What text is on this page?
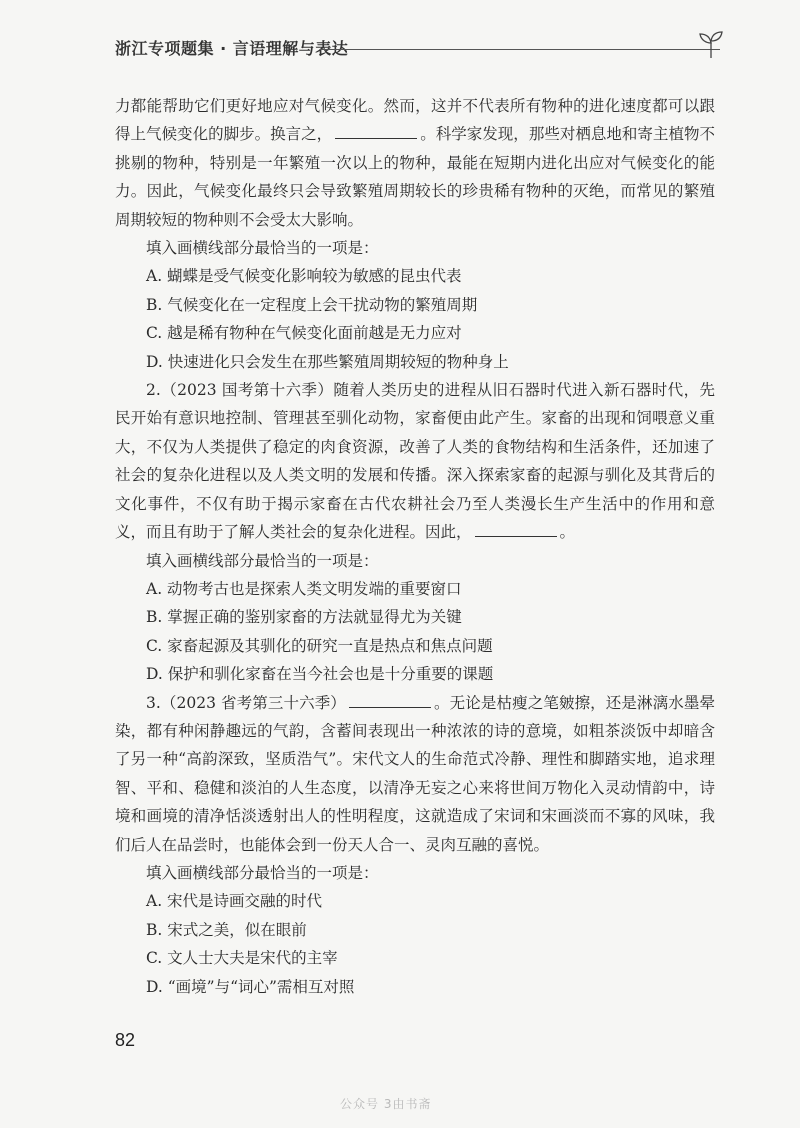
浙江专项题集 · 言语理解与表达

力都能帮助它们更好地应对气候变化。然而，这并不代表所有物种的进化速度都可以跟得上气候变化的脚步。换言之，	。科学家发现，那些对栖息地和寄主植物不挑剔的物种，特别是一年繁殖一次以上的物种，最能在短期内进化出应对气候变化的能力。因此，气候变化最终只会导致繁殖周期较长的珍贵稀有物种的灭绝，而常见的繁殖周期较短的物种则不会受太大影响。

填入画横线部分最恰当的一项是：

A. 蝴蝶是受气候变化影响较为敏感的昆虫代表

B. 气候变化在一定程度上会干扰动物的繁殖周期

C. 越是稀有物种在气候变化面前越是无力应对

D. 快速进化只会发生在那些繁殖周期较短的物种身上

2.（2023 国考第十六季）随着人类历史的进程从旧石器时代进入新石器时代，先民开始有意识地控制、管理甚至驯化动物，家畜便由此产生。家畜的出现和饲喂意义重大，不仅为人类提供了稳定的肉食资源，改善了人类的食物结构和生活条件，还加速了社会的复杂化进程以及人类文明的发展和传播。深入探索家畜的起源与驯化及其背后的文化事件，不仅有助于揭示家畜在古代农耕社会乃至人类漫长生产生活中的作用和意义，而且有助于了解人类社会的复杂化进程。因此，	。

填入画横线部分最恰当的一项是：

A. 动物考古也是探索人类文明发端的重要窗口

B. 掌握正确的鉴别家畜的方法就显得尤为关键

C. 家畜起源及其驯化的研究一直是热点和焦点问题

D. 保护和驯化家畜在当今社会也是十分重要的课题

3.（2023 省考第三十六季）	。无论是枯瘦之笔皴擦，还是淋漓水墨晕染，都有种闲静趣远的气韵，含蓄间表现出一种浓浓的诗的意境，如粗茶淡饭中却暗含了另一种“高韵深致，坚质浩气”。宋代文人的生命范式冷静、理性和脚踏实地，追求理智、平和、稳健和淡泊的人生态度，以清净无妄之心来将世间万物化入灵动情韵中，诗境和画境的清净恬淡透射出人的性明程度，这就造成了宋词和宋画淡而不寡的风味，我们后人在品尝时，也能体会到一份天人合一、灵肉互融的喜悦。

填入画横线部分最恰当的一项是：

A. 宋代是诗画交融的时代

B. 宋式之美，似在眼前

C. 文人士大夫是宋代的主宰

D. “画境”与“词心”需相互对照

82
公众号 3由书斋
